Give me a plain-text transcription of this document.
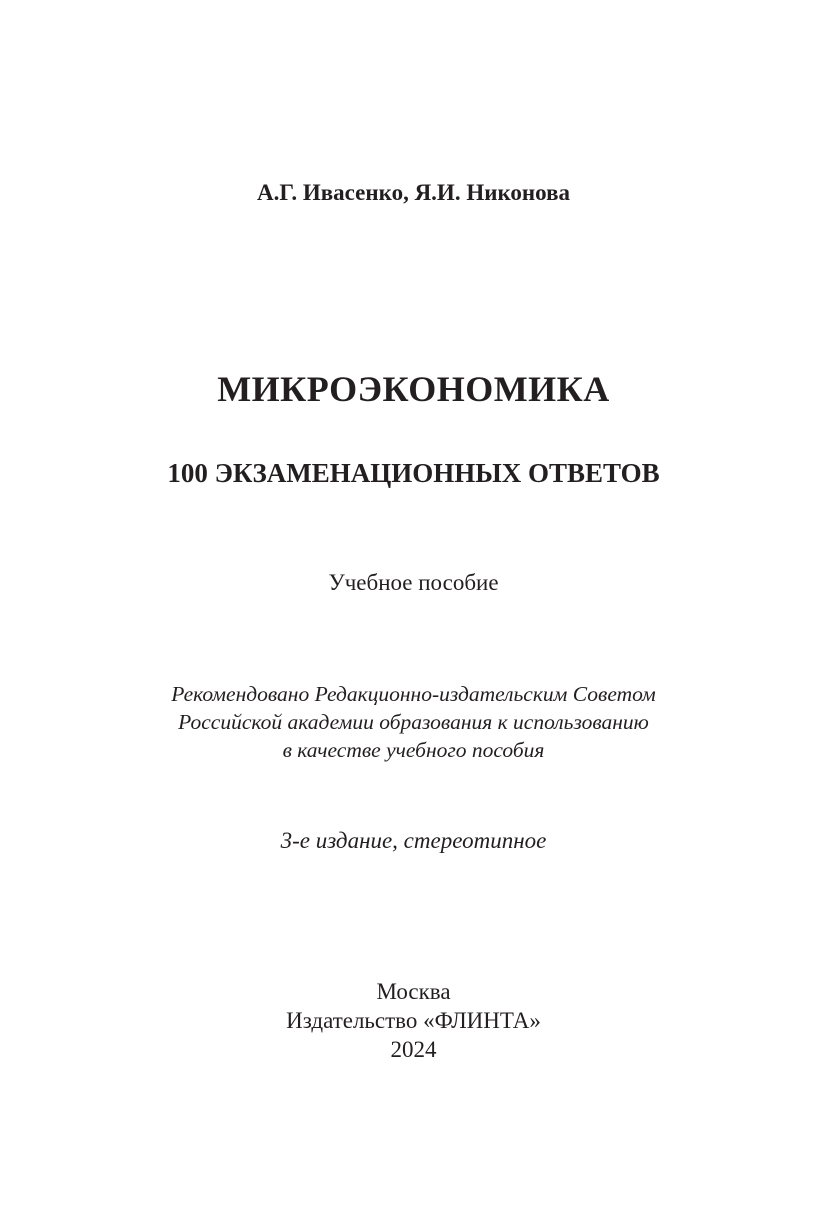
А.Г. Ивасенко, Я.И. Никонова
МИКРОЭКОНОМИКА
100 ЭКЗАМЕНАЦИОННЫХ ОТВЕТОВ
Учебное пособие
Рекомендовано Редакционно-издательским Советом
Российской академии образования к использованию
в качестве учебного пособия
3-е издание, стереотипное
Москва
Издательство «ФЛИНТА»
2024
